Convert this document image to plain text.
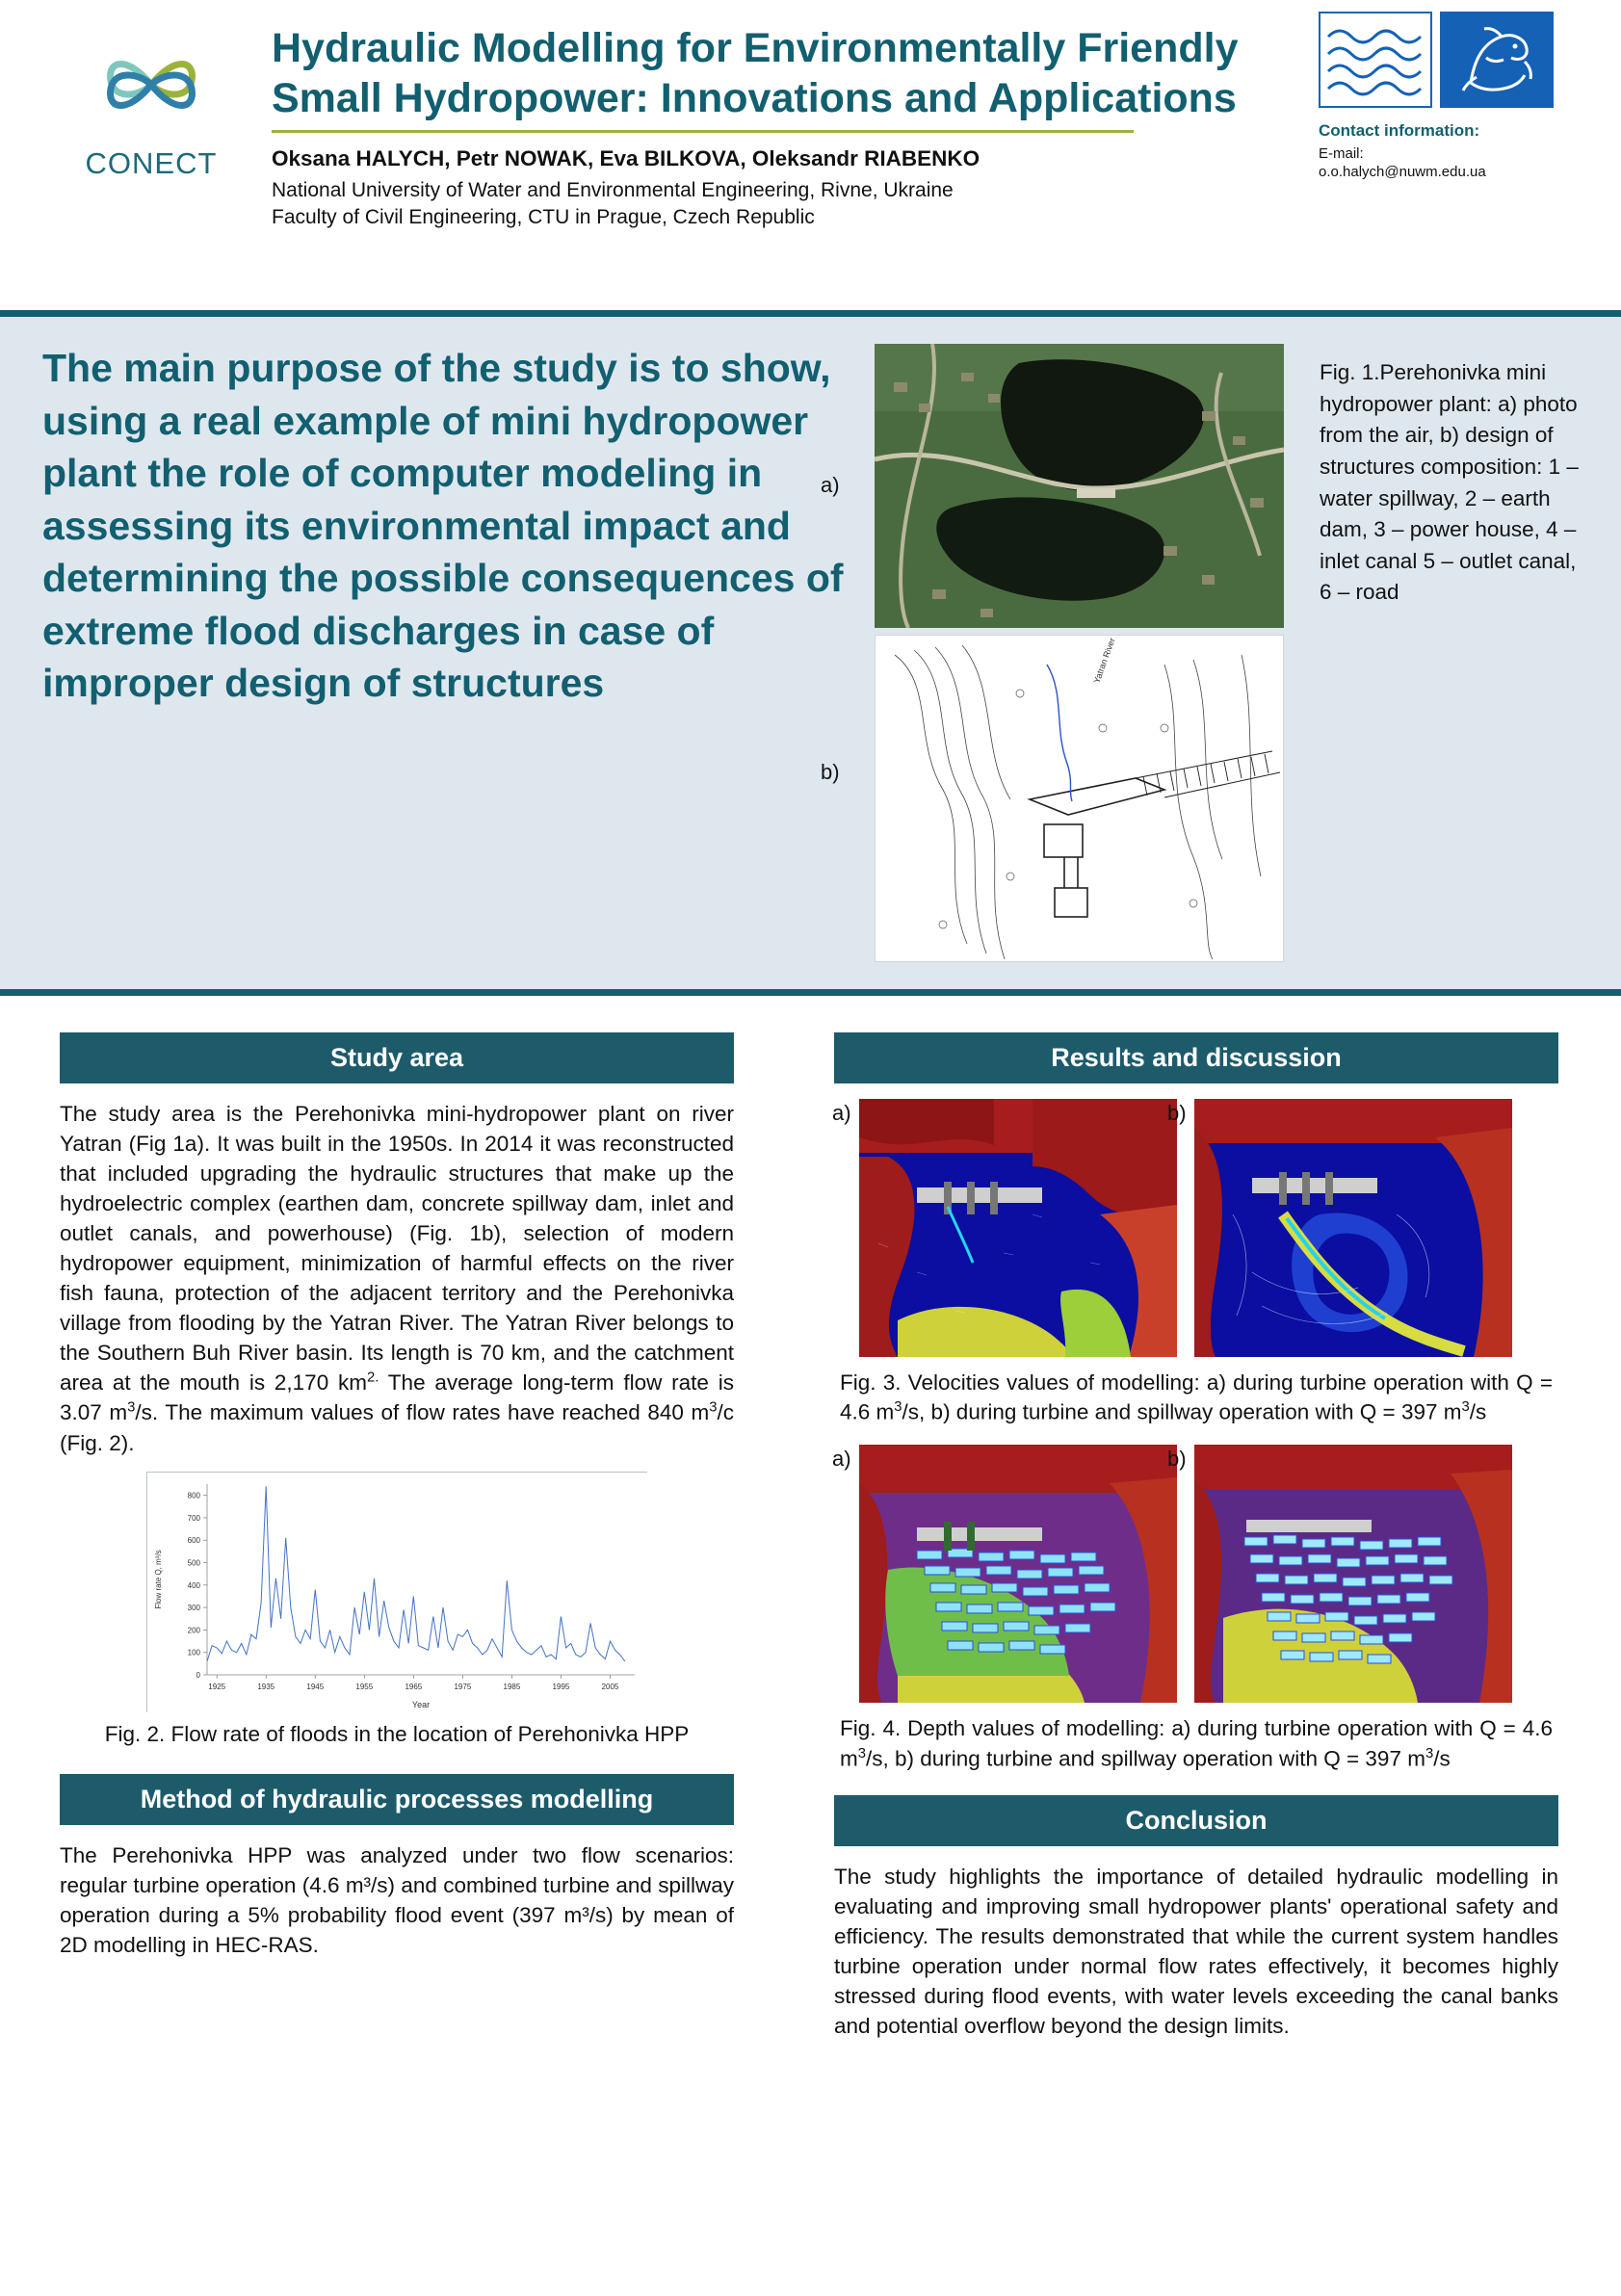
CONECT
Hydraulic Modelling for Environmentally Friendly Small Hydropower: Innovations and Applications
Oksana HALYCH, Petr NOWAK, Eva BILKOVA, Oleksandr RIABENKO
National University of Water and Environmental Engineering, Rivne, Ukraine
Faculty of Civil Engineering, CTU in Prague, Czech Republic
Contact information:
E-mail:
o.o.halych@nuwm.edu.ua
The main purpose of the study is to show, using a real example of mini hydropower plant the role of computer modeling in assessing its environmental impact and determining the possible consequences of extreme flood discharges in case of improper design of structures
a)
b)
Yatran River
Fig. 1.Perehonivka mini hydropower plant: a) photo from the air, b) design of structures composition: 1 – water spillway, 2 – earth dam, 3 – power house, 4 – inlet canal 5 – outlet canal, 6 – road
Study area
The study area is the Perehonivka mini-hydropower plant on river Yatran (Fig 1a). It was built in the 1950s. In 2014 it was reconstructed that included upgrading the hydraulic structures that make up the hydroelectric complex (earthen dam, concrete spillway dam, inlet and outlet canals, and powerhouse) (Fig. 1b), selection of modern hydropower equipment, minimization of harmful effects on the river fish fauna, protection of the adjacent territory and the Perehonivka village from flooding by the Yatran River. The Yatran River belongs to the Southern Buh River basin. Its length is 70 km, and the catchment area at the mouth is 2,170 $km^{2.}$ The average long-term flow rate is 3.07 $m^3/s$. The maximum values of flow rates have reached 840 $m^3/c$ (Fig. 2).
0
100
200
300
400
500
600
700
800
1925	1935	1945	1955	1965	1975	1985	1995	2005
Year
Flow rate Q, m³/s
Fig. 2. Flow rate of floods in the location of Perehonivka HPP
Method of hydraulic processes modelling
The Perehonivka HPP was analyzed under two flow scenarios: regular turbine operation (4.6 m³/s) and combined turbine and spillway operation during a 5% probability flood event (397 m³/s) by mean of 2D modelling in HEC-RAS.
Results and discussion
a)	b)
5.00
4.00
3.00
2.00
1.50
1.00
0.00
M/s
Fig. 3. Velocities values of modelling: a) during turbine operation with Q = 4.6 $m^3/s$, b) during turbine and spillway operation with Q = 397 $m^3/s$
a)	b)
3.0
2.0
1.0
0.0
M
Fig. 4. Depth values of modelling: a) during turbine operation with Q = 4.6 $m^3/s$, b) during turbine and spillway operation with Q = 397 $m^3/s$
Conclusion
The study highlights the importance of detailed hydraulic modelling in evaluating and improving small hydropower plants' operational safety and efficiency. The results demonstrated that while the current system handles turbine operation under normal flow rates effectively, it becomes highly stressed during flood events, with water levels exceeding the canal banks and potential overflow beyond the design limits.
